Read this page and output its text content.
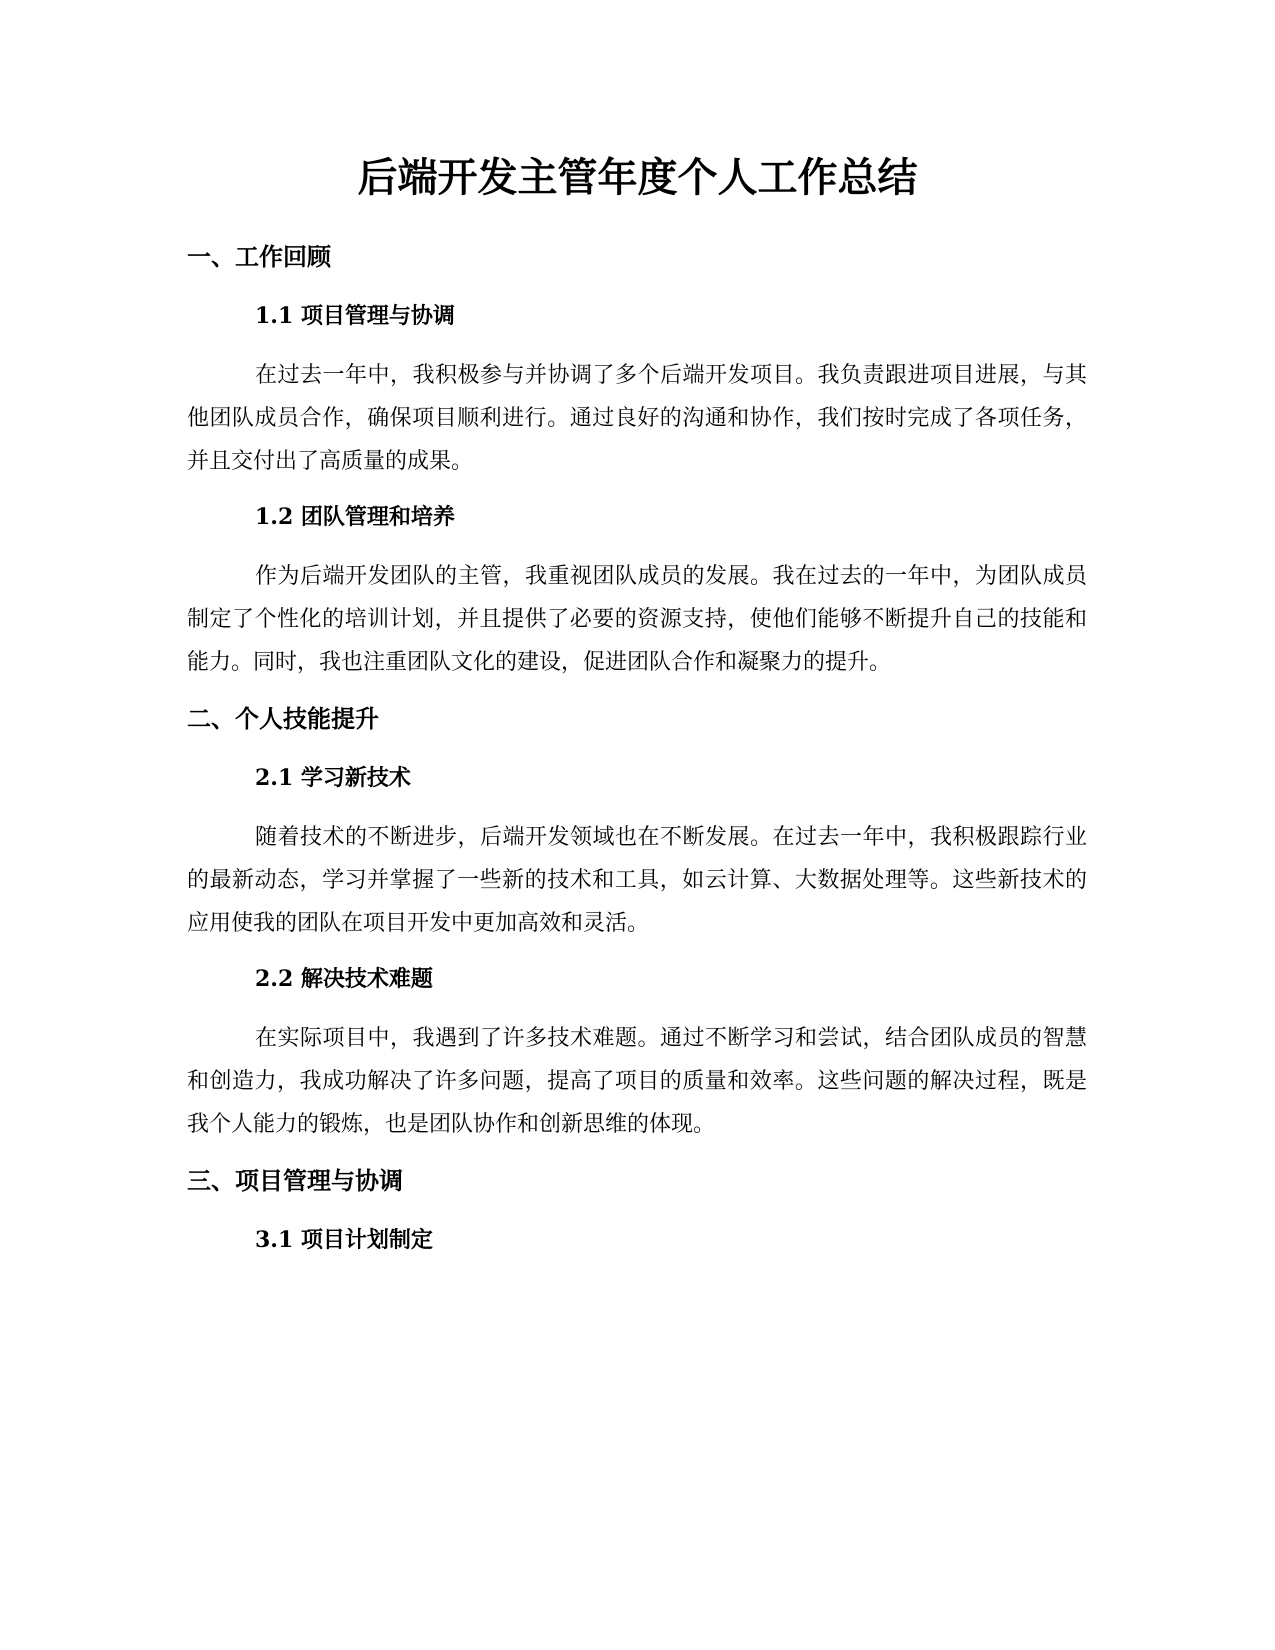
后端开发主管年度个人工作总结
一、工作回顾
1.1 项目管理与协调

在过去一年中，我积极参与并协调了多个后端开发项目。我负责跟进项目进展，与其他团队成员合作，确保项目顺利进行。通过良好的沟通和协作，我们按时完成了各项任务，并且交付出了高质量的成果。

1.2 团队管理和培养

作为后端开发团队的主管，我重视团队成员的发展。我在过去的一年中，为团队成员制定了个性化的培训计划，并且提供了必要的资源支持，使他们能够不断提升自己的技能和能力。同时，我也注重团队文化的建设，促进团队合作和凝聚力的提升。

二、个人技能提升
2.1 学习新技术

随着技术的不断进步，后端开发领域也在不断发展。在过去一年中，我积极跟踪行业的最新动态，学习并掌握了一些新的技术和工具，如云计算、大数据处理等。这些新技术的应用使我的团队在项目开发中更加高效和灵活。

2.2 解决技术难题

在实际项目中，我遇到了许多技术难题。通过不断学习和尝试，结合团队成员的智慧和创造力，我成功解决了许多问题，提高了项目的质量和效率。这些问题的解决过程，既是我个人能力的锻炼，也是团队协作和创新思维的体现。

三、项目管理与协调
3.1 项目计划制定
